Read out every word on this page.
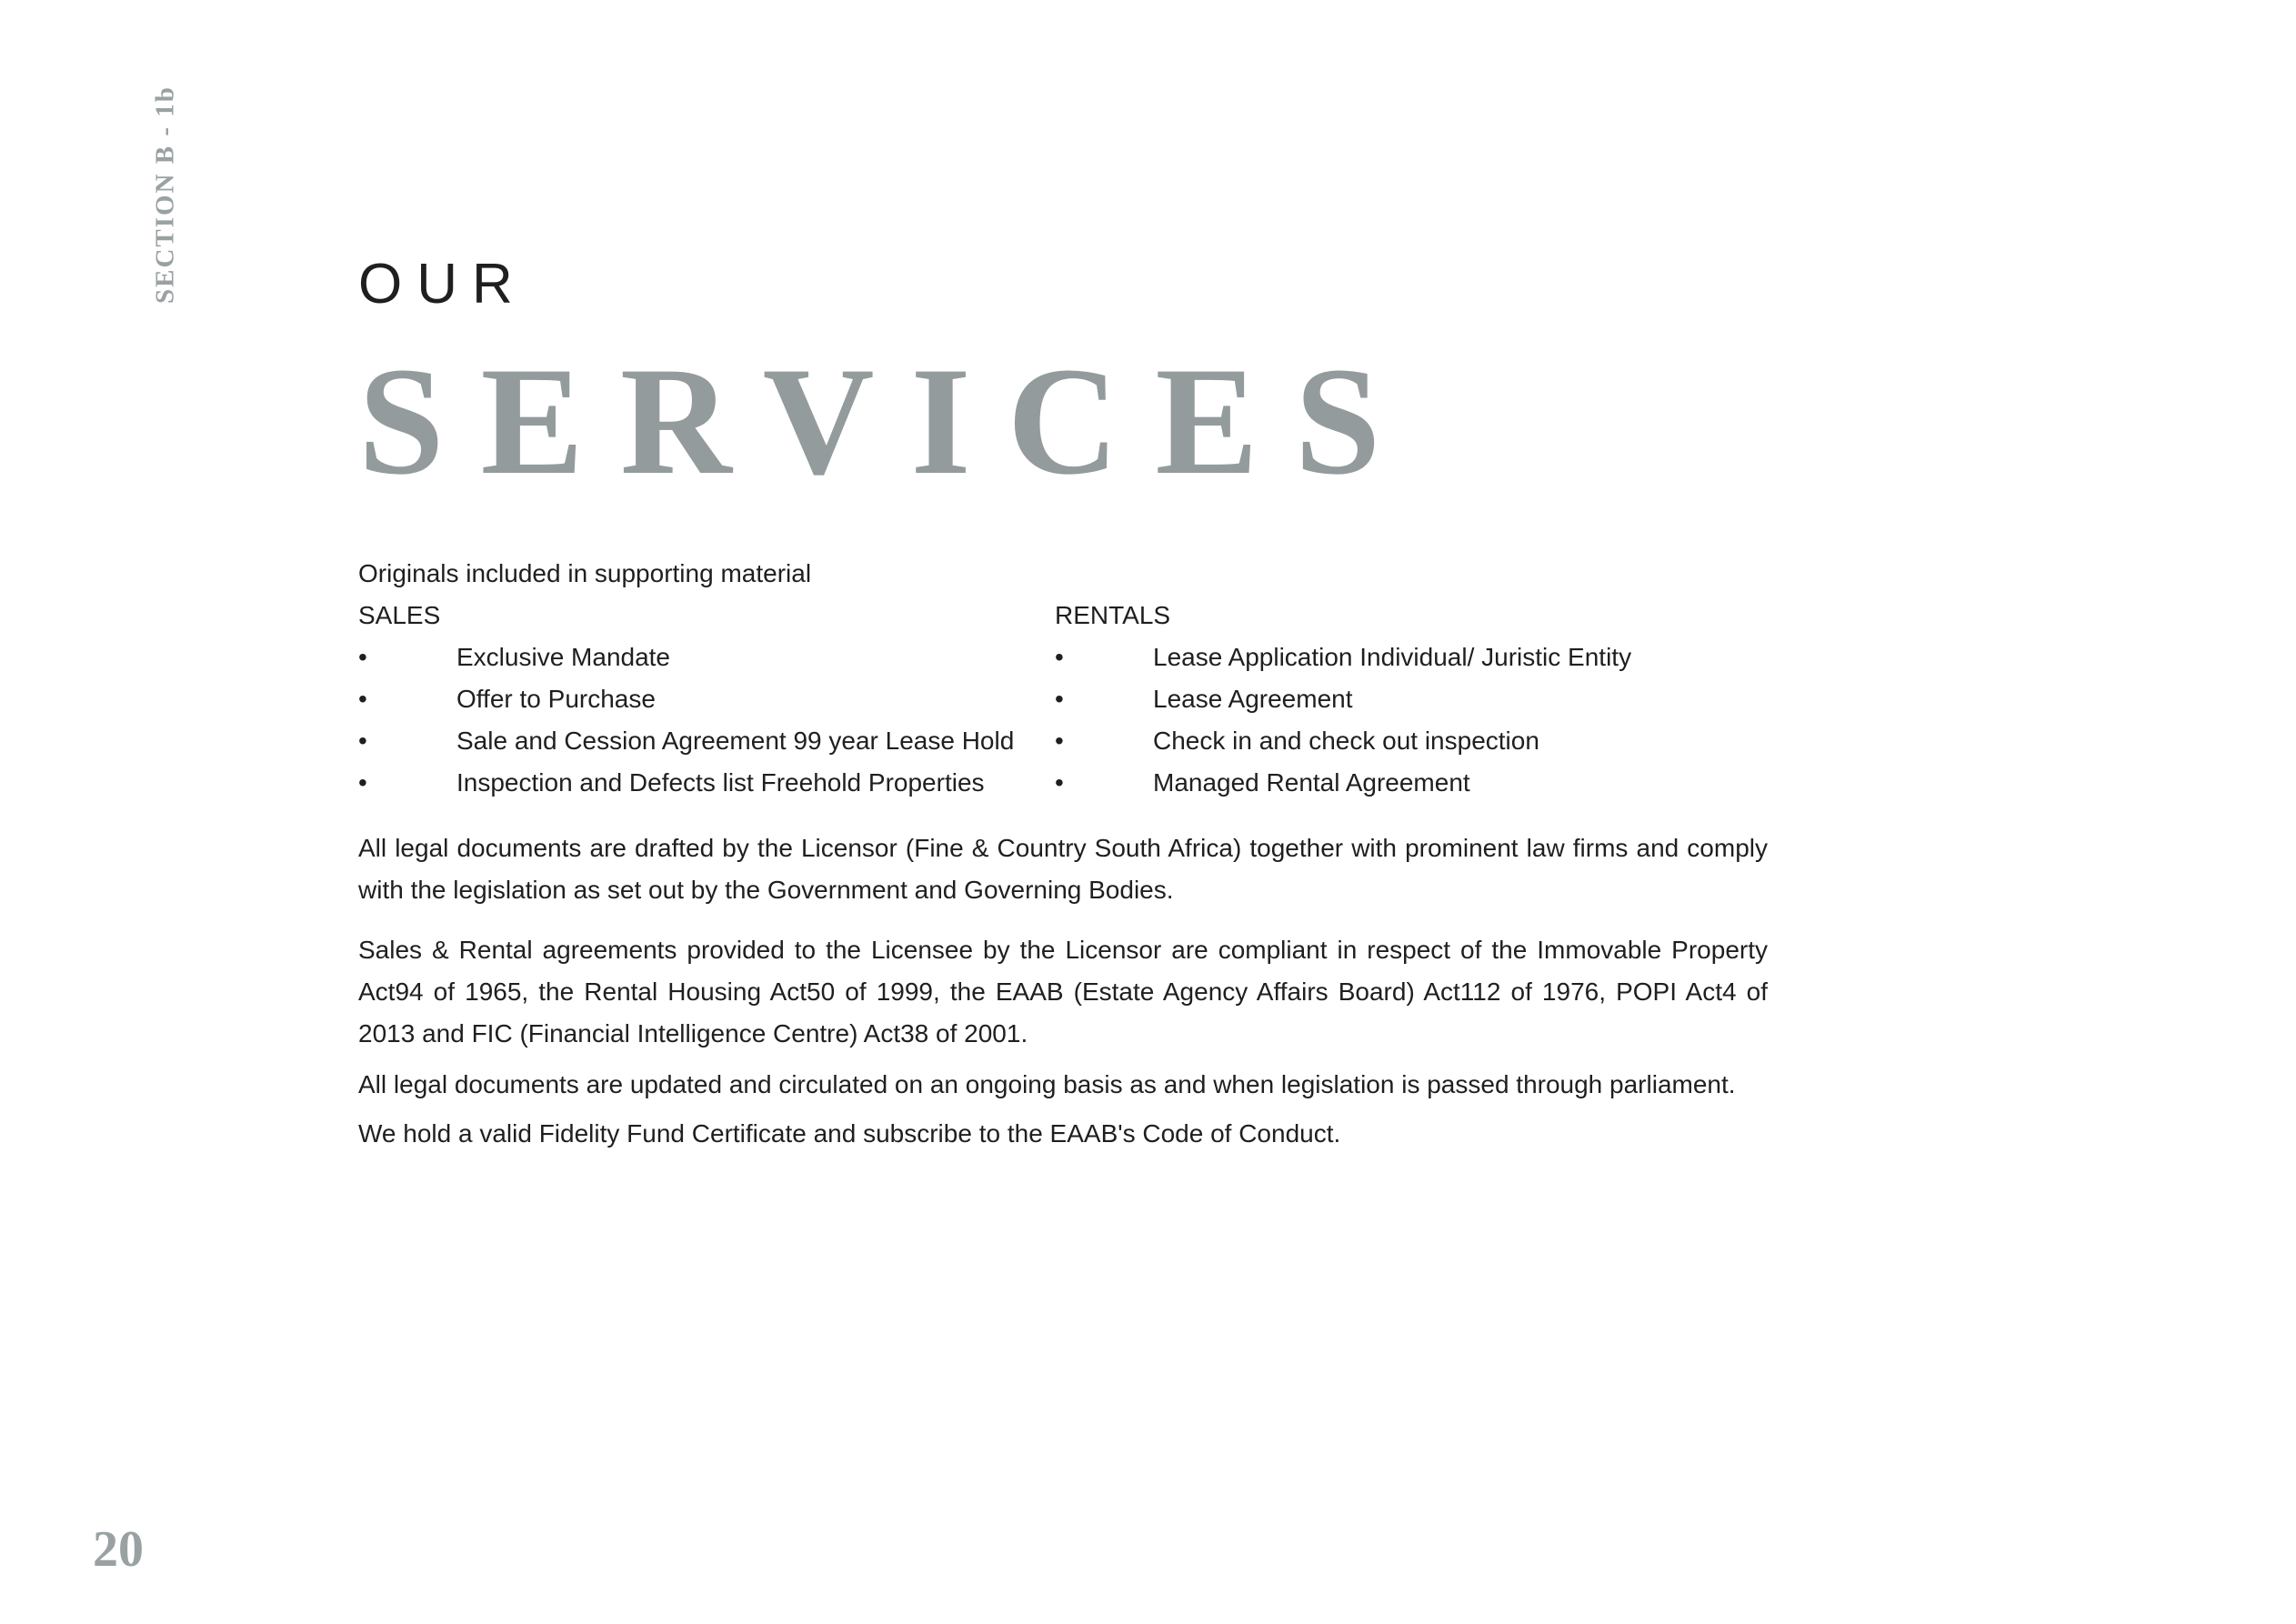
SECTION B - 1b	OUR
SERVICES

Originals included in supporting material

SALES

•	Exclusive Mandate
•	Offer to Purchase
•	Sale and Cession Agreement 99 year Lease Hold
•	Inspection and Defects list Freehold Properties

RENTALS

•	Lease Application Individual/ Juristic Entity
•	Lease Agreement
•	Check in and check out inspection
•	Managed Rental Agreement

All legal documents are drafted by the Licensor (Fine & Country South Africa) together with prominent law firms and comply with the legislation as set out by the Government and Governing Bodies.

Sales & Rental agreements provided to the Licensee by the Licensor are compliant in respect of the Immovable Property Act94 of 1965, the Rental Housing Act50 of 1999, the EAAB (Estate Agency Affairs Board) Act112 of 1976, POPI Act4 of 2013 and FIC (Financial Intelligence Centre) Act38 of 2001.

All legal documents are updated and circulated on an ongoing basis as and when legislation is passed through parliament.

We hold a valid Fidelity Fund Certificate and subscribe to the EAAB's Code of Conduct.

20
